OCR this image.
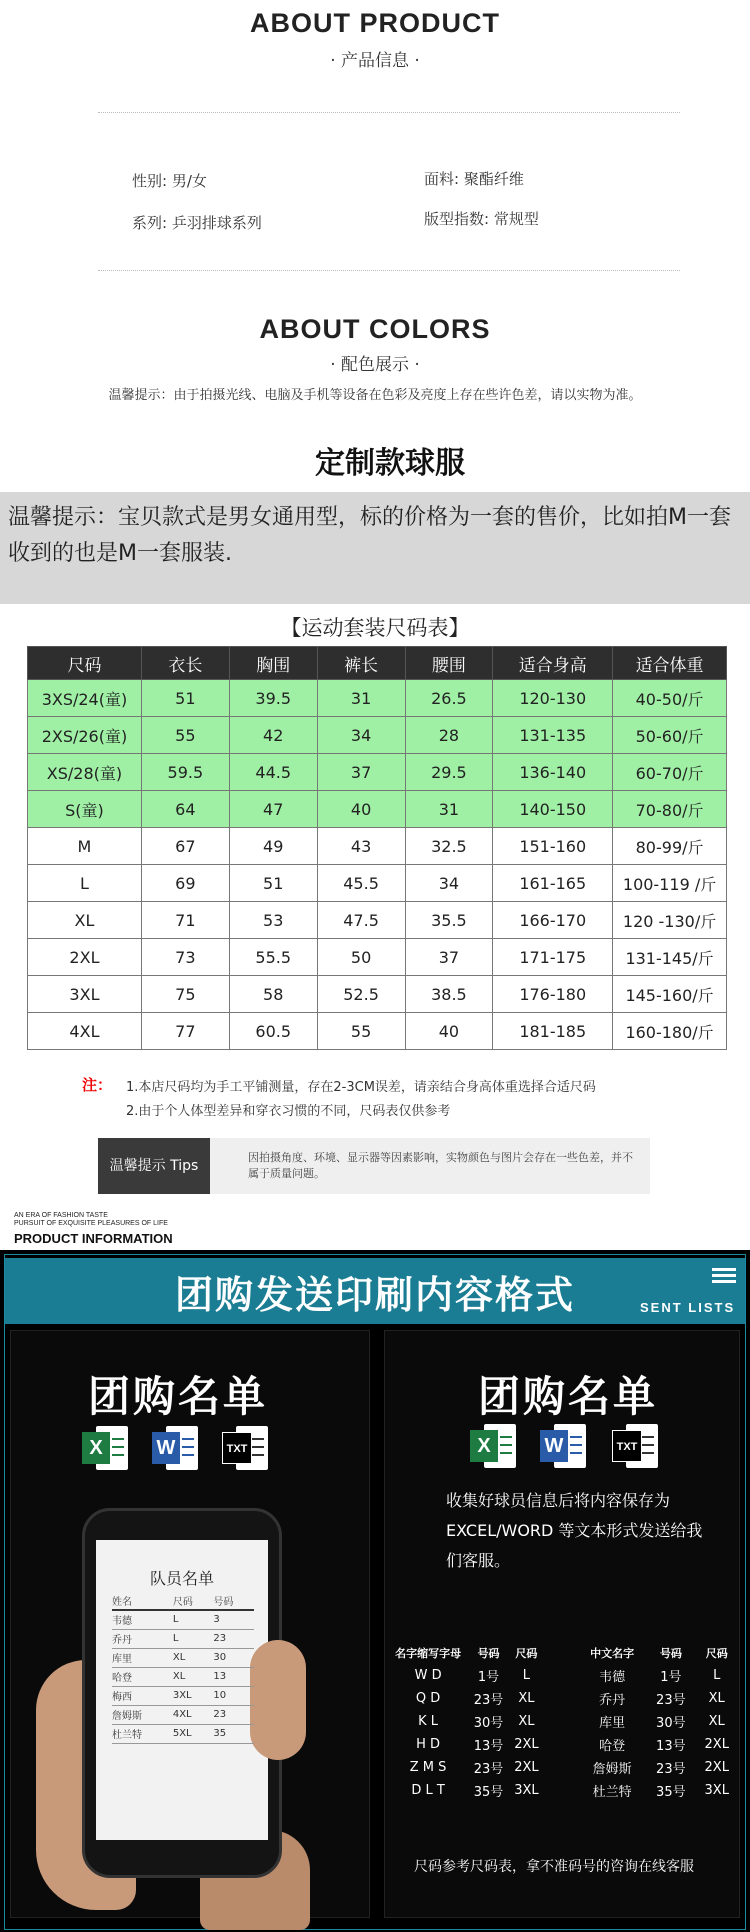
ABOUT PRODUCT
· 产品信息 ·
性别: 男/女	面料: 聚酯纤维
系列: 乒羽排球系列	版型指数: 常规型
ABOUT COLORS
· 配色展示 ·
温馨提示：由于拍摄光线、电脑及手机等设备在色彩及亮度上存在些许色差，请以实物为准。
定制款球服
温馨提示：宝贝款式是男女通用型，标的价格为一套的售价，比如拍M一套收到的也是M一套服装.
【运动套装尺码表】
尺码	衣长	胸围	裤长	腰围	适合身高	适合体重
3XS/24(童)	51	39.5	31	26.5	120-130	40-50/斤
2XS/26(童)	55	42	34	28	131-135	50-60/斤
XS/28(童)	59.5	44.5	37	29.5	136-140	60-70/斤
S(童)	64	47	40	31	140-150	70-80/斤
M	67	49	43	32.5	151-160	80-99/斤
L	69	51	45.5	34	161-165	100-119 /斤
XL	71	53	47.5	35.5	166-170	120 -130/斤
2XL	73	55.5	50	37	171-175	131-145/斤
3XL	75	58	52.5	38.5	176-180	145-160/斤
4XL	77	60.5	55	40	181-185	160-180/斤
注： 1.本店尺码均为手工平铺测量，存在2-3CM误差，请亲结合身高体重选择合适尺码
2.由于个人体型差异和穿衣习惯的不同，尺码表仅供参考
温馨提示 Tips
因拍摄角度、环境、显示器等因素影响，实物颜色与图片会存在一些色差，并不属于质量问题。
AN ERA OF FASHION TASTE
PURSUIT OF EXQUISITE PLEASURES OF LIFE
PRODUCT INFORMATION
团购发送印刷内容格式	SENT LISTS
团购名单	团购名单
X	W	TXT	X	W	TXT
队员名单
姓名	尺码	号码
韦德	L	3
乔丹	L	23
库里	XL	30
哈登	XL	13
梅西	3XL	10
詹姆斯	4XL	23
杜兰特	5XL	35
收集好球员信息后将内容保存为EXCEL/WORD 等文本形式发送给我们客服。
名字缩写字母	号码	尺码
W D	1号	L
Q D	23号	XL
K L	30号	XL
H D	13号	2XL
Z M S	23号	2XL
D L T	35号	3XL
中文名字	号码	尺码
韦德	1号	L
乔丹	23号	XL
库里	30号	XL
哈登	13号	2XL
詹姆斯	23号	2XL
杜兰特	35号	3XL
尺码参考尺码表，拿不准码号的咨询在线客服
